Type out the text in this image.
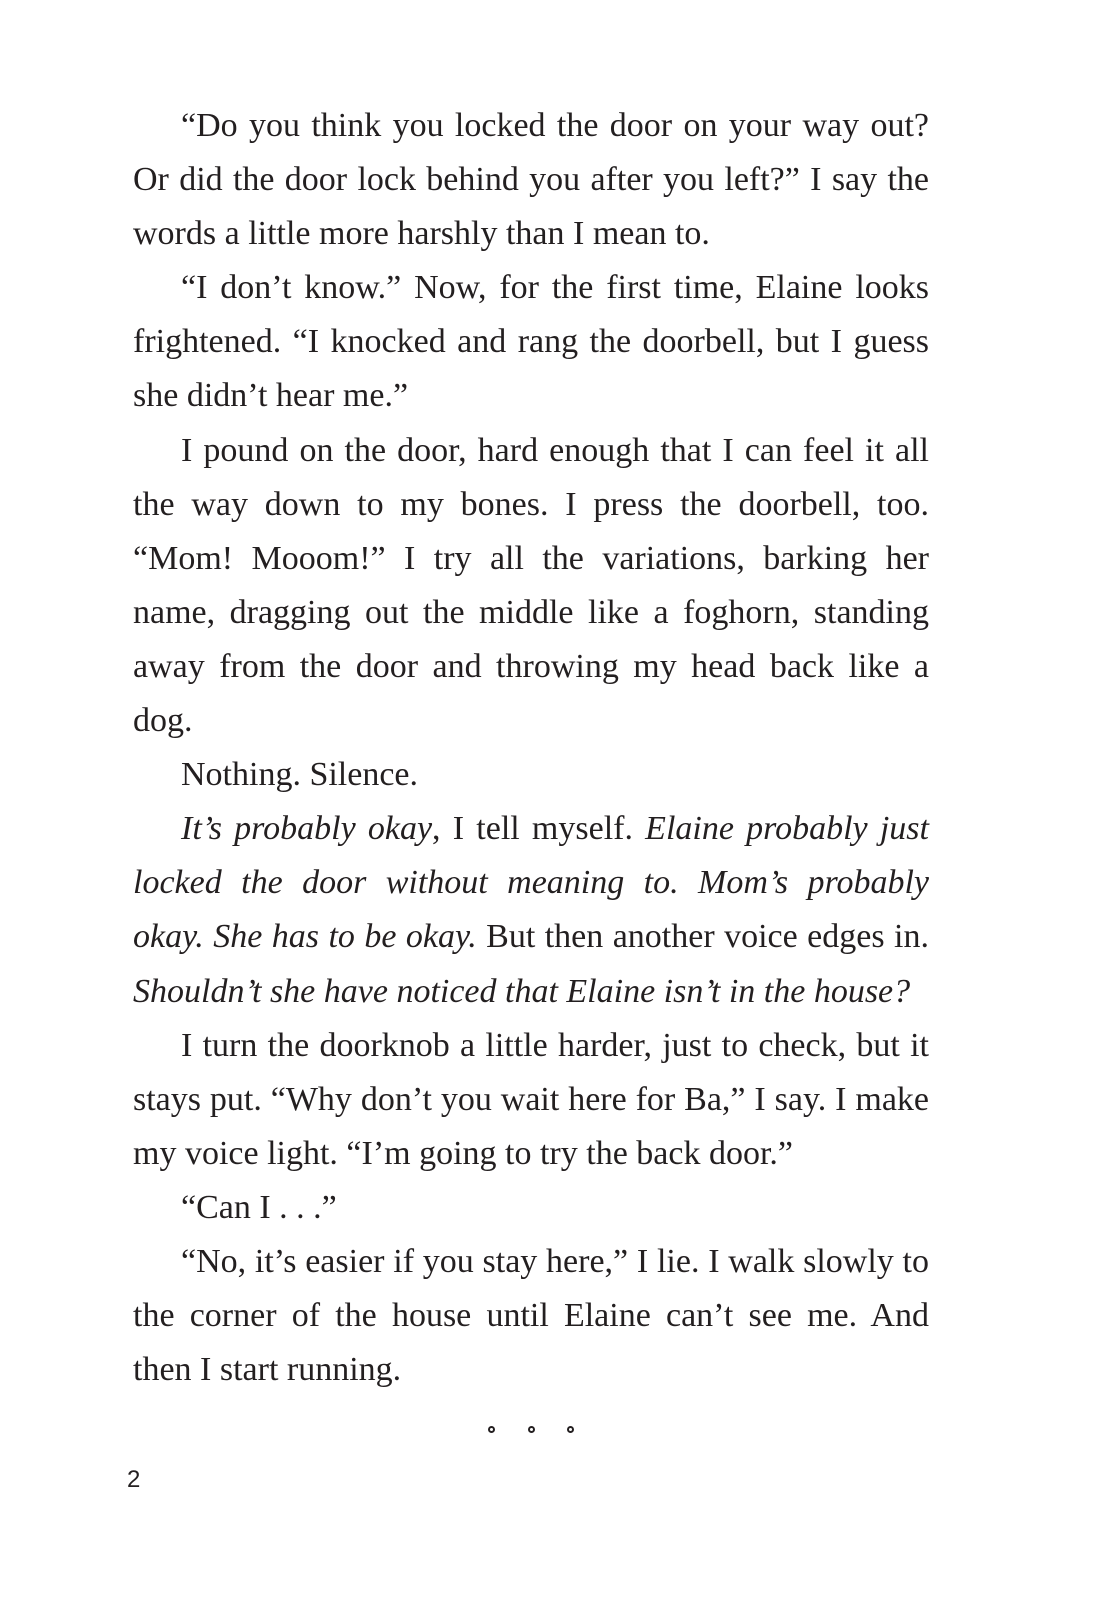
“Do you think you locked the door on your way out? Or did the door lock behind you after you left?” I say the words a little more harshly than I mean to.

“I don’t know.” Now, for the first time, Elaine looks frightened. “I knocked and rang the doorbell, but I guess she didn’t hear me.”

I pound on the door, hard enough that I can feel it all the way down to my bones. I press the doorbell, too. “Mom! Mooom!” I try all the variations, barking her name, dragging out the middle like a foghorn, standing away from the door and throwing my head back like a dog.

Nothing. Silence.

It’s probably okay, I tell myself. Elaine probably just locked the door without meaning to. Mom’s probably okay. She has to be okay. But then another voice edges in. Shouldn’t she have noticed that Elaine isn’t in the house?

I turn the doorknob a little harder, just to check, but it stays put. “Why don’t you wait here for Ba,” I say. I make my voice light. “I’m going to try the back door.”

“Can I . . .”

“No, it’s easier if you stay here,” I lie. I walk slowly to the corner of the house until Elaine can’t see me. And then I start running.

2
